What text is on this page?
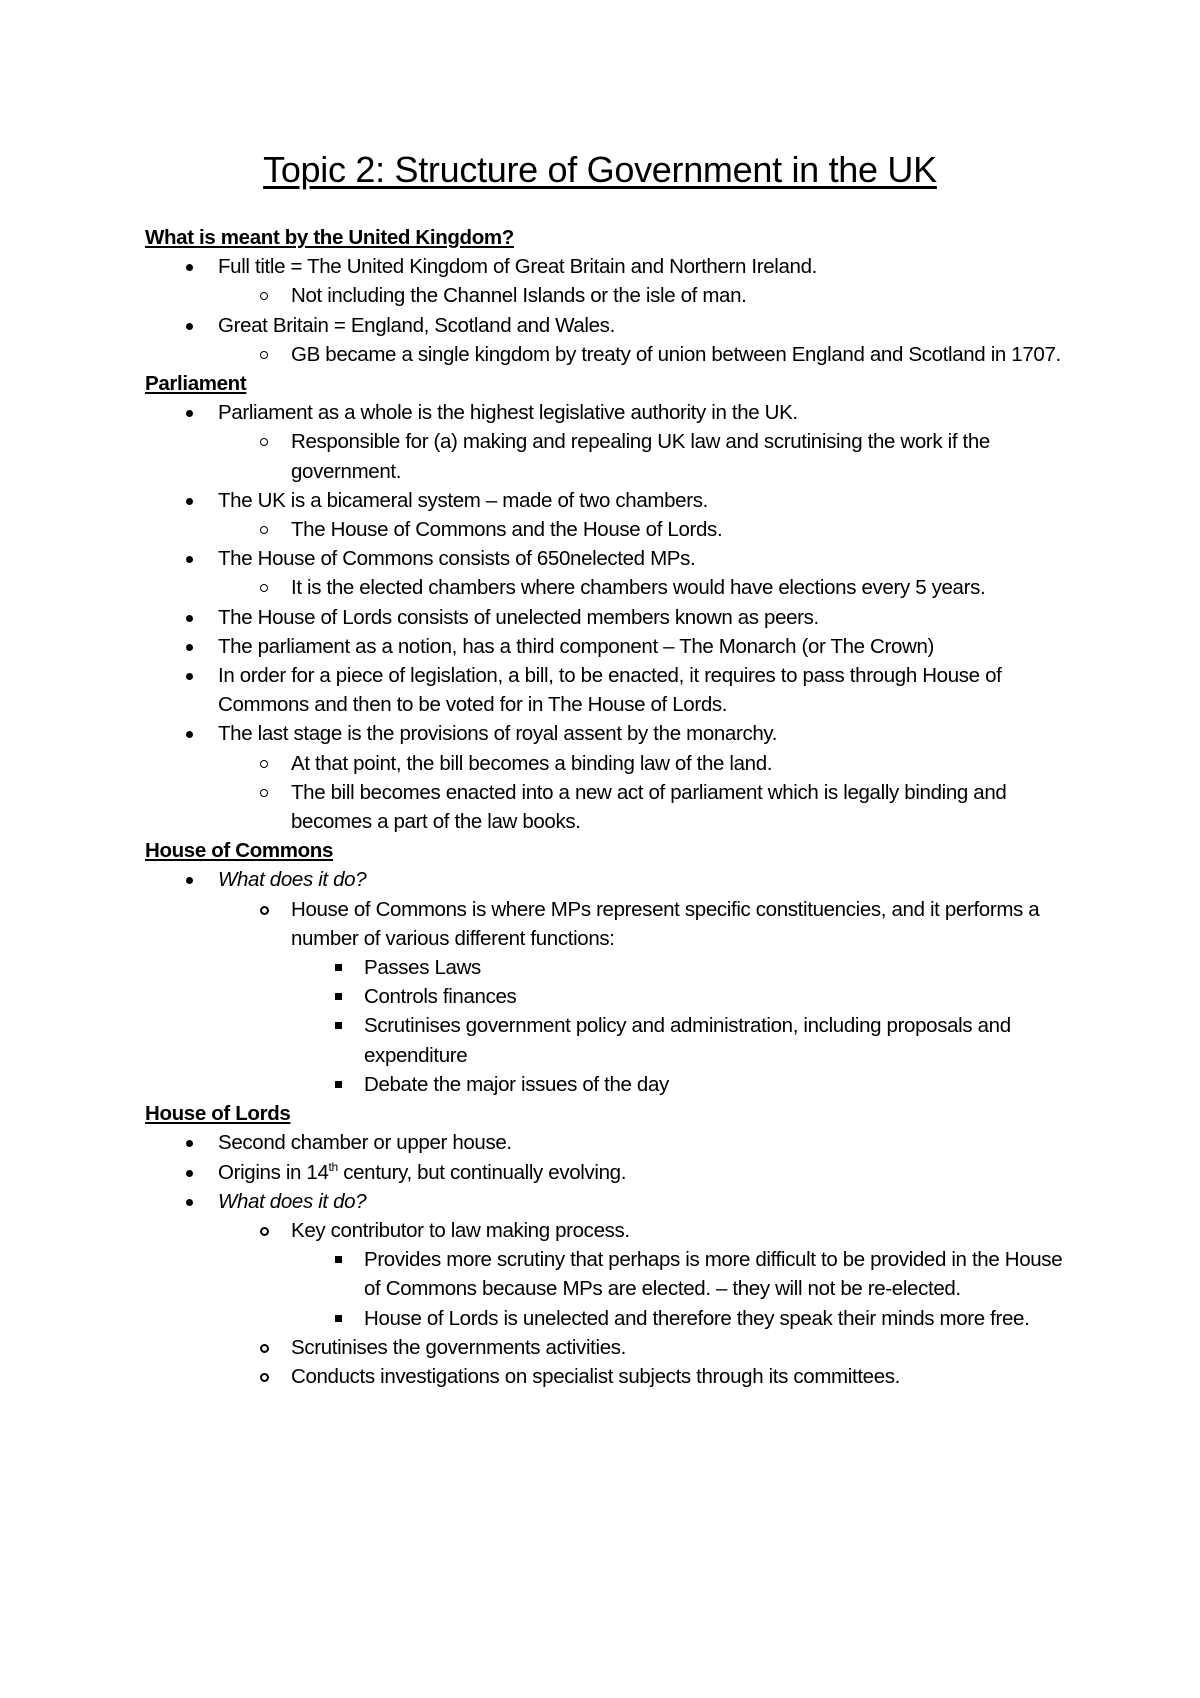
Topic 2: Structure of Government in the UK
What is meant by the United Kingdom?
Full title = The United Kingdom of Great Britain and Northern Ireland.
Not including the Channel Islands or the isle of man.
Great Britain = England, Scotland and Wales.
GB became a single kingdom by treaty of union between England and Scotland in 1707.
Parliament
Parliament as a whole is the highest legislative authority in the UK.
Responsible for (a) making and repealing UK law and scrutinising the work if the government.
The UK is a bicameral system – made of two chambers.
The House of Commons and the House of Lords.
The House of Commons consists of 650nelected MPs.
It is the elected chambers where chambers would have elections every 5 years.
The House of Lords consists of unelected members known as peers.
The parliament as a notion, has a third component – The Monarch (or The Crown)
In order for a piece of legislation, a bill, to be enacted, it requires to pass through House of Commons and then to be voted for in The House of Lords.
The last stage is the provisions of royal assent by the monarchy.
At that point, the bill becomes a binding law of the land.
The bill becomes enacted into a new act of parliament which is legally binding and becomes a part of the law books.
House of Commons
What does it do?
House of Commons is where MPs represent specific constituencies, and it performs a number of various different functions:
Passes Laws
Controls finances
Scrutinises government policy and administration, including proposals and expenditure
Debate the major issues of the day
House of Lords
Second chamber or upper house.
Origins in 14th century, but continually evolving.
What does it do?
Key contributor to law making process.
Provides more scrutiny that perhaps is more difficult to be provided in the House of Commons because MPs are elected. – they will not be re-elected.
House of Lords is unelected and therefore they speak their minds more free.
Scrutinises the governments activities.
Conducts investigations on specialist subjects through its committees.
